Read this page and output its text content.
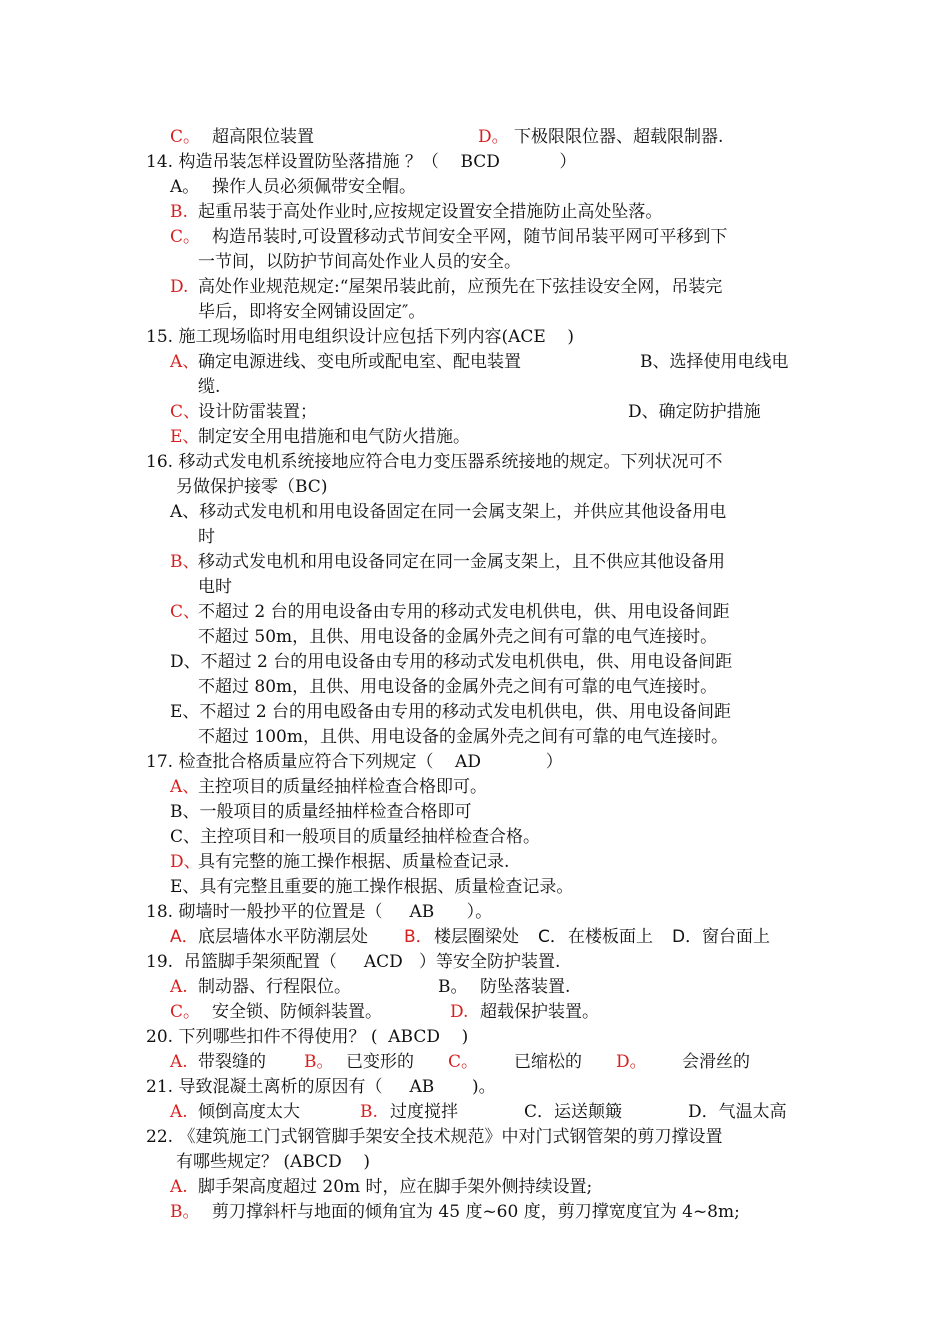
C。 超高限位装置	D。 下极限限位器、超载限制器.
14. 构造吊装怎样设置防坠落措施 ？（    BCD           ）
A。 操作人员必须佩带安全帽。
B. 起重吊装于高处作业时,应按规定设置安全措施防止高处坠落。
C。 构造吊装时,可设置移动式节间安全平网，随节间吊装平网可平移到下
一节间，以防护节间高处作业人员的安全。
D. 高处作业规范规定:“屋架吊装此前，应预先在下弦挂设安全网，吊装完
毕后，即将安全网铺设固定″。
15. 施工现场临时用电组织设计应包括下列内容(ACE    )
A、
确定电源进线、变电所或配电室、配电装置	B、选择使用电线电
缆.
C、
设计防雷装置；	D、确定防护措施
E、
制定安全用电措施和电气防火措施。
16. 移动式发电机系统接地应符合电力变压器系统接地的规定。下列状况可不
另做保护接零（BC)
A、移动式发电机和用电设备固定在同一会属支架上，并供应其他设备用电
时
B、
移动式发电机和用电设备同定在同一金属支架上，且不供应其他设备用
电时
C、
不超过 2 台的用电设备由专用的移动式发电机供电，供、用电设备间距
不超过 50m，且供、用电设备的金属外壳之间有可靠的电气连接时。
D、不超过 2 台的用电设备由专用的移动式发电机供电，供、用电设备间距
不超过 80m，且供、用电设备的金属外壳之间有可靠的电气连接时。
E、不超过 2 台的用电殴备由专用的移动式发电机供电，供、用电设备间距
不超过 100m，且供、用电设备的金属外壳之间有可靠的电气连接时。
17. 检查批合格质量应符合下列规定（    AD            ）
A、
主控项目的质量经抽样检查合格即可。
B、一般项目的质量经抽样检查合格即可
C、主控项目和一般项目的质量经抽样检查合格。
D、
具有完整的施工操作根据、质量检查记录.
E、具有完整且重要的施工操作根据、质量检查记录。
18. 砌墙时一般抄平的位置是（     AB      ）。
A． 底层墙体水平防潮层处 B． 楼层圈梁处 C． 在楼板面上 D． 窗台面上
19.  吊篮脚手架须配置（     ACD   ）等安全防护装置.
A. 制动器、行程限位。	B。 防坠落装置.
C。 安全锁、防倾斜装置。	D. 超载保护装置。
20. 下列哪些扣件不得使用？ (  ABCD    )
A. 带裂缝的 B。 已变形的 C。 已缩松的 D。 会滑丝的
21. 导致混凝土离析的原因有（     AB       )。
A. 倾倒高度太大	B. 过度搅拌	C．运送颠簸	D．气温太高
22. 《建筑施工门式钢管脚手架安全技术规范》中对门式钢管架的剪刀撑设置
有哪些规定？ (ABCD    )
A. 脚手架高度超过 20m 时，应在脚手架外侧持续设置;
B。 剪刀撑斜杆与地面的倾角宜为 45 度~60 度，剪刀撑宽度宜为 4~8m;
